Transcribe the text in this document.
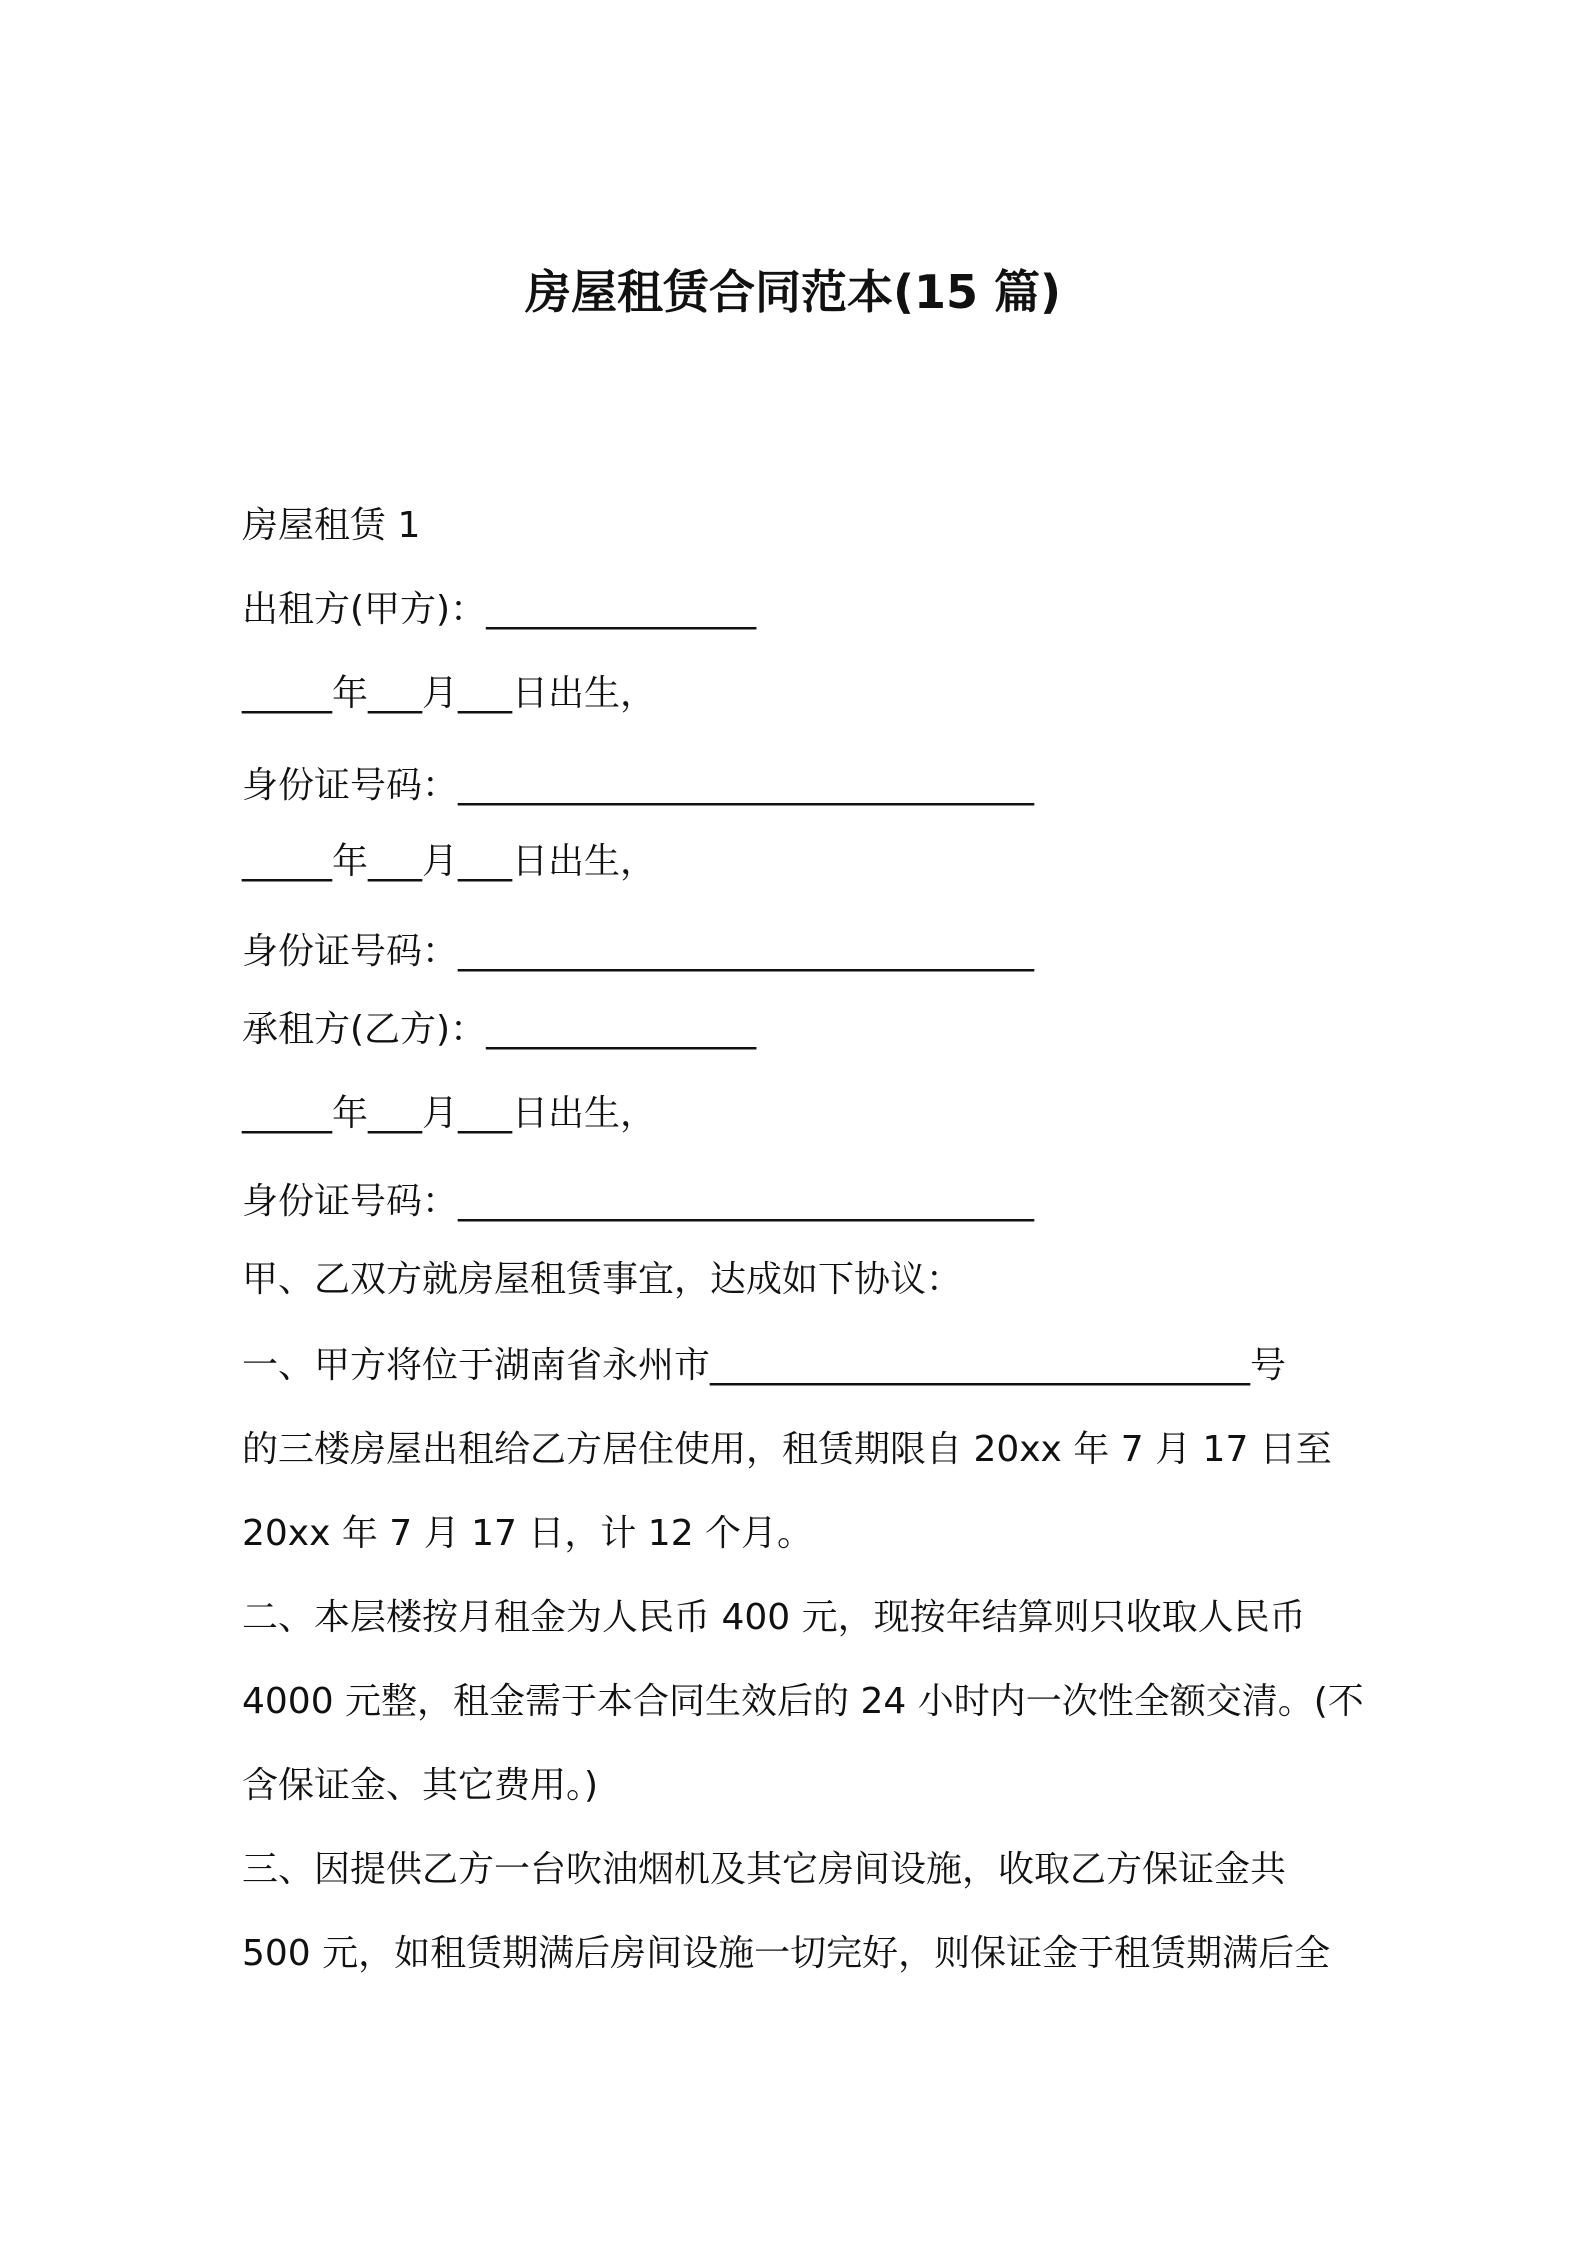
房屋租赁合同范本(15 篇)
房屋租赁 1
出租方(甲方)：_______________
_____年___月___日出生，
身份证号码：________________________________
_____年___月___日出生，
身份证号码：________________________________
承租方(乙方)：_______________
_____年___月___日出生，
身份证号码：________________________________
甲、乙双方就房屋租赁事宜，达成如下协议：
一、甲方将位于湖南省永州市______________________________号
的三楼房屋出租给乙方居住使用，租赁期限自 20xx 年 7 月 17 日至
20xx 年 7 月 17 日，计 12 个月。
二、本层楼按月租金为人民币 400 元，现按年结算则只收取人民币
4000 元整，租金需于本合同生效后的 24 小时内一次性全额交清。(不
含保证金、其它费用。)
三、因提供乙方一台吹油烟机及其它房间设施，收取乙方保证金共
500 元，如租赁期满后房间设施一切完好，则保证金于租赁期满后全
